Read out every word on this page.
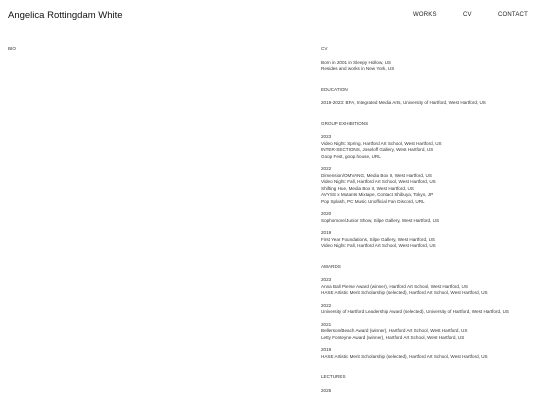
Angelica Rottingdam White	WORKS	CV	CONTACT
BIO	CV
Born in 2001 in Sleepy Hollow, US
Resides and works in New York, US
EDUCATION
2019-2023: BFA, Integrated Media Arts, University of Hartford, West Hartford, US
GROUP EXHIBITIONS
2023
Video Night: Spring, Hartford Art School, West Hartford, US
INTER-SECTIONS, Joseloff Gallery, West Hartford, US
Goop Fest, goop.house, URL
2022
Dimension/OMVANG, Media Box II, West Hartford, US
Video Night: Fall, Hartford Art School, West Hartford, US
Shifting Hue, Media Box II, West Hartford, US
AVYSS x Mutants Mixtape, Contact Shibuya, Tokyo, JP
Pop Splash, PC Music Unofficial Fan Discord, URL
2020
Sophomore/Junior Show, Silpe Gallery, West Hartford, US
2019
First Year Foundations, Silpe Gallery, West Hartford, US
Video Night: Fall, Hartford Art School, West Hartford, US
AWARDS
2023
Anna Ball Pierse Award (winner), Hartford Art School, West Hartford, US
HASE Artistic Merit Scholarship (selected), Hartford Art School, West Hartford, US
2022
University of Hartford Leadership Award (selected), University of Hartford, West Hartford, US
2021
Bellerson/Beach Award (winner), Hartford Art School, West Hartford, US
Letty Fonteyne Award (winner), Hartford Art School, West Hartford, US
2019
HASE Artistic Merit Scholarship (selected), Hartford Art School, West Hartford, US
LECTURES
2025
